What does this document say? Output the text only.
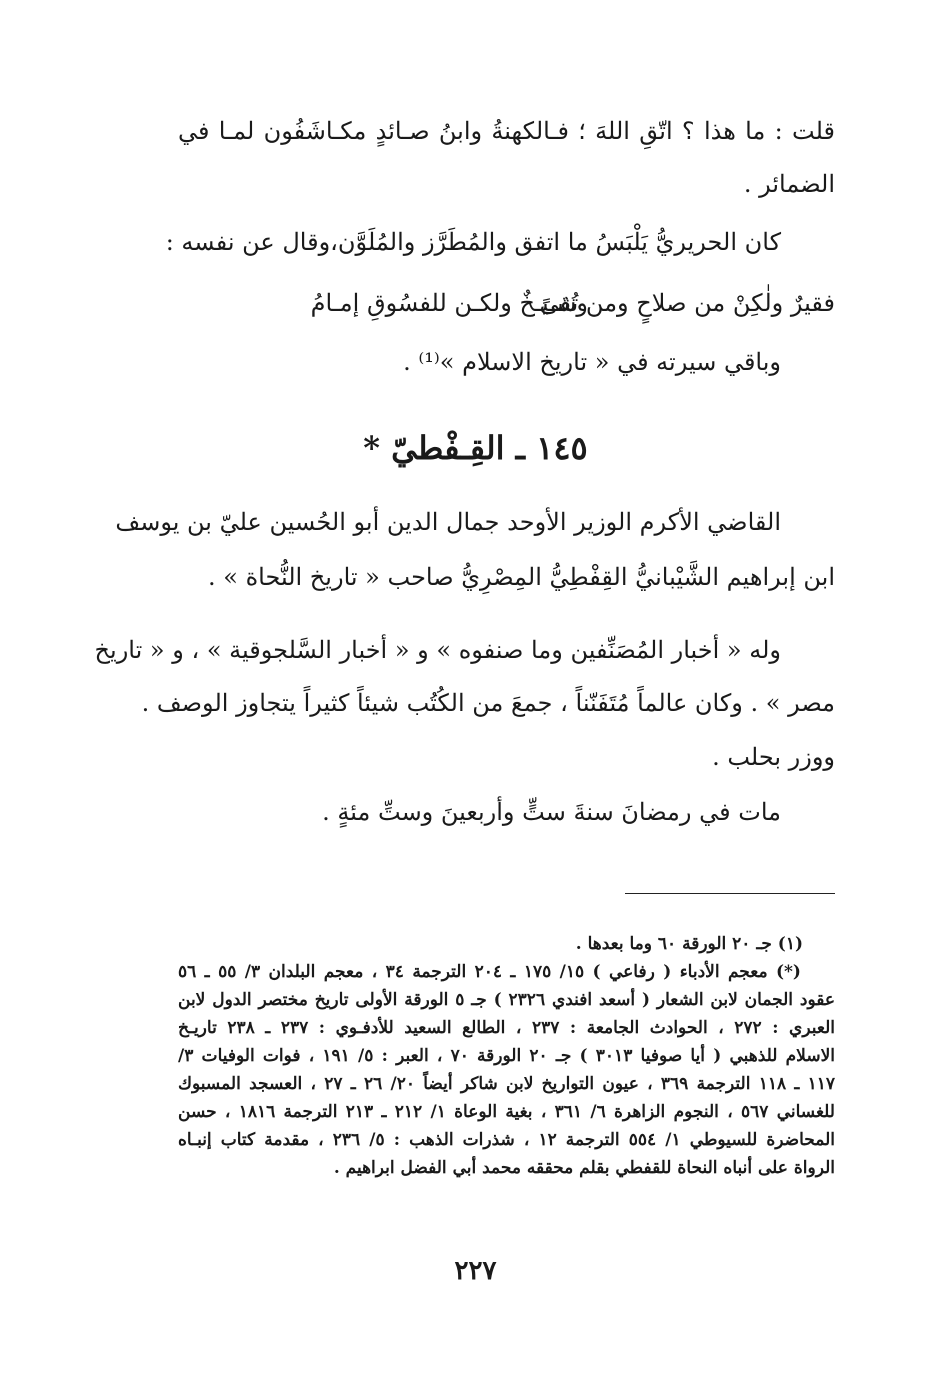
قلت : ما هذا ؟ اتّقِ اللهَ ؛ فـالكهنةُ وابنُ صـائدٍ مكـاشَفُون لمـا في
الضمائر .
كان الحريريُّ يَلْبَسُ ما اتفق والمُطَرَّز والمُلَوَّن،وقال عن نفسه :
فقيرٌ ولٰكِنْ من صلاحٍ ومن تُقىً
وشـيـخٌ ولكـن للفسُوقِ إمـامُ
وباقي سيرته في « تاريخ الاسلام »⁽¹⁾ .
١٤٥ ـ القِـفْطيّ *
القاضي الأكرم الوزير الأوحد جمال الدين أبو الحُسين عليّ بن يوسف
ابن إبراهيم الشَّيْبانيُّ القِفْطِيُّ المِصْرِيُّ صاحب « تاريخ النُّحاة » .
وله « أخبار المُصَنِّفين وما صنفوه » و « أخبار السَّلجوقية » ، و « تاريخ
مصر » . وكان عالماً مُتَفَنّناً ، جمعَ من الكُتُب شيئاً كثيراً يتجاوز الوصف .
ووزر بحلب .
مات في رمضانَ سنةَ ستٍّ وأربعينَ وستِّ مئةٍ .
(١) جـ ٢٠ الورقة ٦٠ وما بعدها .
(*) معجم الأدباء ( رفاعي ) ١٥/ ١٧٥ ـ ٢٠٤ الترجمة ٣٤ ، معجم البلدان ٣/ ٥٥ ـ ٥٦
عقود الجمان لابن الشعار ( أسعد افندي ٢٣٢٦ ) جـ ٥ الورقة الأولى تاريخ مختصر الدول لابن
العبري : ٢٧٢ ، الحوادث الجامعة : ٢٣٧ ، الطالع السعيد للأدفـوي : ٢٣٧ ـ ٢٣٨ تاريـخ
الاسلام للذهبي ( أيا صوفيا ٣٠١٣ ) جـ ٢٠ الورقة ٧٠ ، العبر : ٥/ ١٩١ ، فوات الوفيات ٣/
١١٧ ـ ١١٨ الترجمة ٣٦٩ ، عيون التواريخ لابن شاكر أيضاً ٢٠/ ٢٦ ـ ٢٧ ، العسجد المسبوك
للغساني ٥٦٧ ، النجوم الزاهرة ٦/ ٣٦١ ، بغية الوعاة ١/ ٢١٢ ـ ٢١٣ الترجمة ١٨١٦ ، حسن
المحاضرة للسيوطي ١/ ٥٥٤ الترجمة ١٢ ، شذرات الذهب : ٥/ ٢٣٦ ، مقدمة كتاب إنبـاه
الرواة على أنباه النحاة للقفطي بقلم محققه محمد أبي الفضل ابراهيم .
٢٢٧
